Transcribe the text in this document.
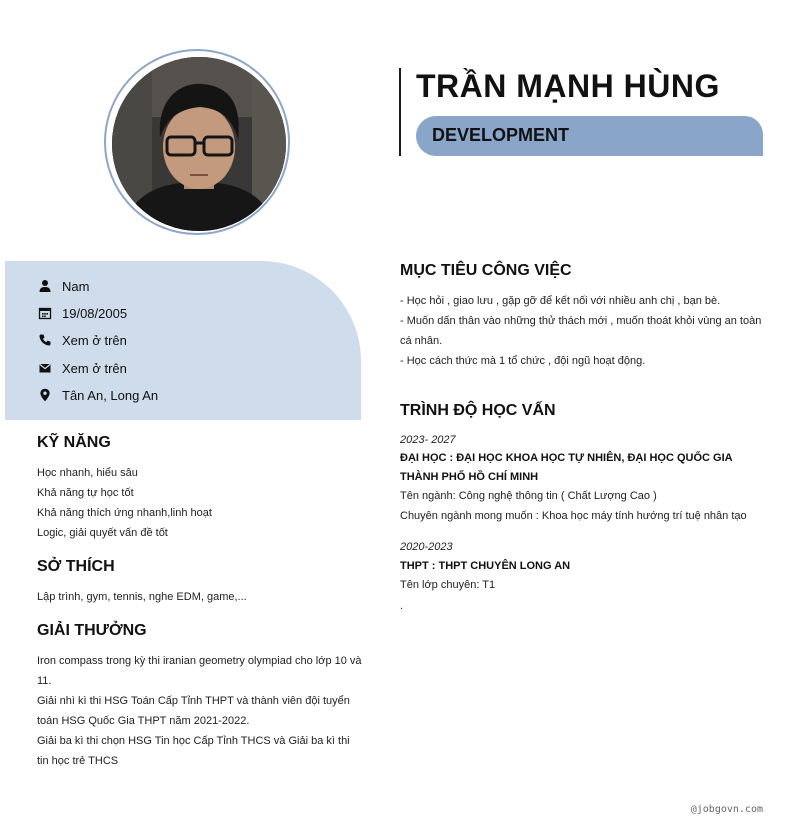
TRẦN MẠNH HÙNG
DEVELOPMENT
Nam
19/08/2005
Xem ở trên
Xem ở trên
Tân An, Long An
KỸ NĂNG
Học nhanh, hiểu sâu
Khả năng tự học tốt
Khả năng thích ứng nhanh,linh hoạt
Logic, giải quyết vấn đề tốt
SỞ THÍCH
Lập trình, gym, tennis, nghe EDM, game,...
GIẢI THƯỞNG
Iron compass trong kỳ thi iranian geometry olympiad cho lớp 10 và 11.
Giải nhì kì thi HSG Toán Cấp Tỉnh THPT và thành viên đội tuyển toán HSG Quốc Gia THPT năm 2021-2022.
Giải ba kì thi chọn HSG Tin học Cấp Tỉnh THCS và Giải ba kì thi tin học trẻ THCS
MỤC TIÊU CÔNG VIỆC
- Học hỏi , giao lưu , gặp gỡ để kết nối với nhiều anh chị , bạn bè.
- Muốn dấn thân vào những thử thách mới , muốn thoát khỏi vùng an toàn cá nhân.
- Học cách thức mà 1 tổ chức , đội ngũ hoạt động.
TRÌNH ĐỘ HỌC VẤN
2023- 2027
ĐẠI HỌC : ĐẠI HỌC KHOA HỌC TỰ NHIÊN, ĐẠI HỌC QUỐC GIA THÀNH PHỐ HỒ CHÍ MINH
Tên ngành: Công nghệ thông tin ( Chất Lượng Cao )
Chuyên ngành mong muốn : Khoa học máy tính hướng trí tuệ nhân tạo
2020-2023
THPT : THPT CHUYÊN LONG AN
Tên lớp chuyên: T1
.
@jobgovn.com
